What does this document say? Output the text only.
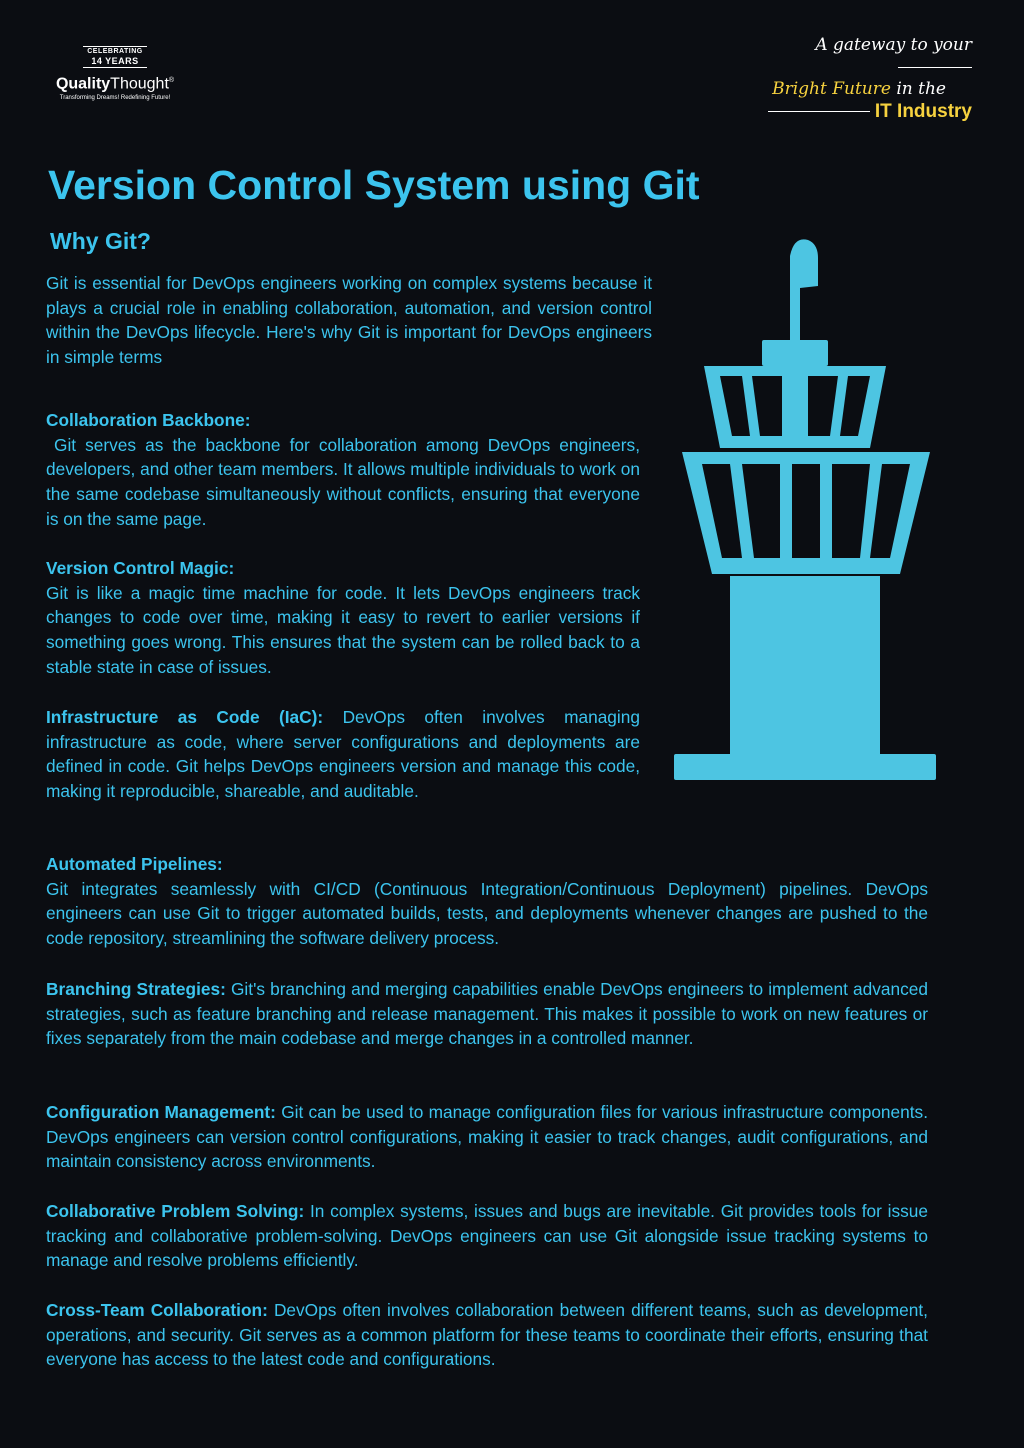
CELEBRATING
14 YEARS
QualityThought®
Transforming Dreams! Redefining Future!
A gateway to your
Bright Future in the
IT Industry
Version Control System using Git
Why Git?

Git is essential for DevOps engineers working on complex systems because it plays a crucial role in enabling collaboration, automation, and version control within the DevOps lifecycle. Here's why Git is important for DevOps engineers in simple terms

Collaboration Backbone:
Git serves as the backbone for collaboration among DevOps engineers, developers, and other team members. It allows multiple individuals to work on the same codebase simultaneously without conflicts, ensuring that everyone is on the same page.
Version Control Magic:
Git is like a magic time machine for code. It lets DevOps engineers track changes to code over time, making it easy to revert to earlier versions if something goes wrong. This ensures that the system can be rolled back to a stable state in case of issues.

Infrastructure as Code (IaC): DevOps often involves managing infrastructure as code, where server configurations and deployments are defined in code. Git helps DevOps engineers version and manage this code, making it reproducible, shareable, and auditable.

Automated Pipelines:
Git integrates seamlessly with CI/CD (Continuous Integration/Continuous Deployment) pipelines. DevOps engineers can use Git to trigger automated builds, tests, and deployments whenever changes are pushed to the code repository, streamlining the software delivery process.

Branching Strategies: Git's branching and merging capabilities enable DevOps engineers to implement advanced strategies, such as feature branching and release management. This makes it possible to work on new features or fixes separately from the main codebase and merge changes in a controlled manner.

Configuration Management: Git can be used to manage configuration files for various infrastructure components. DevOps engineers can version control configurations, making it easier to track changes, audit configurations, and maintain consistency across environments.

Collaborative Problem Solving: In complex systems, issues and bugs are inevitable. Git provides tools for issue tracking and collaborative problem-solving. DevOps engineers can use Git alongside issue tracking systems to manage and resolve problems efficiently.

Cross-Team Collaboration: DevOps often involves collaboration between different teams, such as development, operations, and security. Git serves as a common platform for these teams to coordinate their efforts, ensuring that everyone has access to the latest code and configurations.
